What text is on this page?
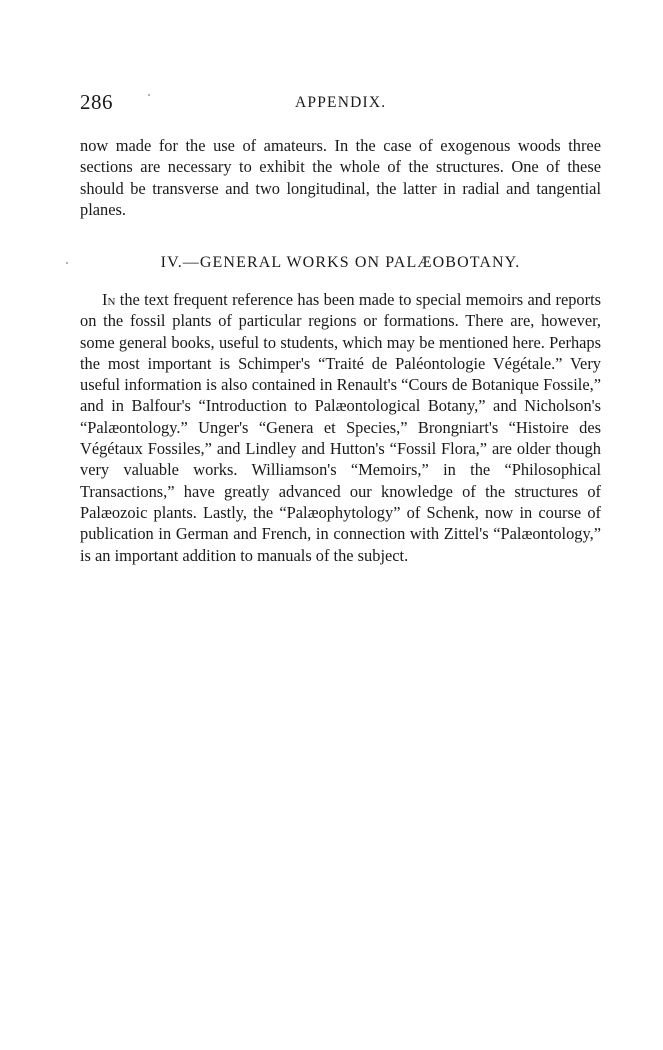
286	APPENDIX.

now made for the use of amateurs. In the case of exogenous woods three sections are necessary to exhibit the whole of the structures. One of these should be transverse and two longitudinal, the latter in radial and tangential planes.

IV.—GENERAL WORKS ON PALÆOBOTANY.

In the text frequent reference has been made to special memoirs and reports on the fossil plants of particular regions or formations. There are, however, some general books, useful to students, which may be mentioned here. Perhaps the most important is Schimper's “Traité de Paléontologie Végétale.” Very useful information is also contained in Renault's “Cours de Botanique Fossile,” and in Balfour's “Introduction to Palæontological Botany,” and Nicholson's “Palæontology.” Unger's “Genera et Species,” Brongniart's “Histoire des Végétaux Fossiles,” and Lindley and Hutton's “Fossil Flora,” are older though very valuable works. Williamson's “Memoirs,” in the “Philosophical Transactions,” have greatly advanced our knowledge of the structures of Palæozoic plants. Lastly, the “Palæophytology” of Schenk, now in course of publication in German and French, in connection with Zittel's “Palæontology,” is an important addition to manuals of the subject.
